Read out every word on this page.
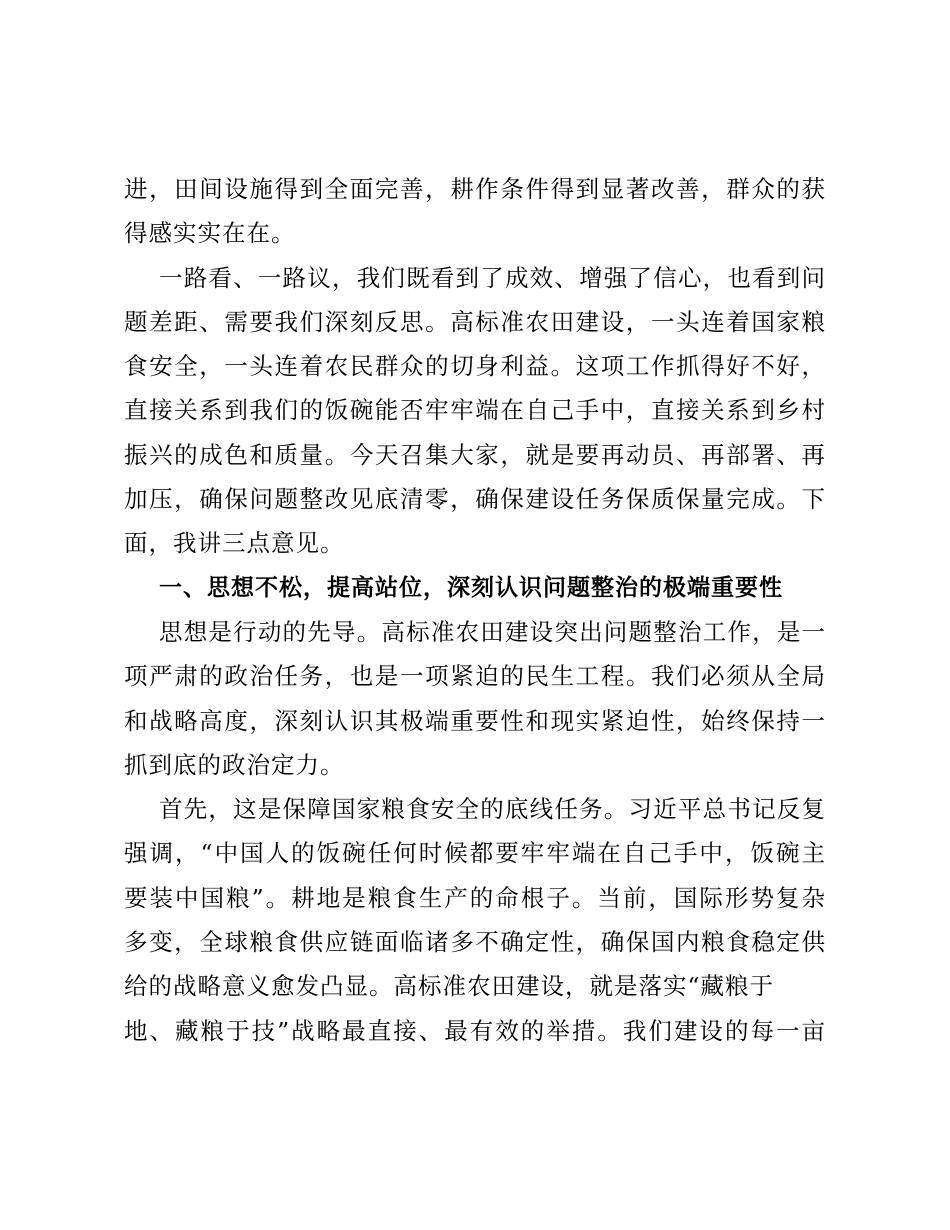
进，田间设施得到全面完善，耕作条件得到显著改善，群众的获
得感实实在在。
一路看、一路议，我们既看到了成效、增强了信心，也看到问
题差距、需要我们深刻反思。高标准农田建设，一头连着国家粮
食安全，一头连着农民群众的切身利益。这项工作抓得好不好，
直接关系到我们的饭碗能否牢牢端在自己手中，直接关系到乡村
振兴的成色和质量。今天召集大家，就是要再动员、再部署、再
加压，确保问题整改见底清零，确保建设任务保质保量完成。下
面，我讲三点意见。
一、思想不松，提高站位，深刻认识问题整治的极端重要性
思想是行动的先导。高标准农田建设突出问题整治工作，是一
项严肃的政治任务，也是一项紧迫的民生工程。我们必须从全局
和战略高度，深刻认识其极端重要性和现实紧迫性，始终保持一
抓到底的政治定力。
首先，这是保障国家粮食安全的底线任务。习近平总书记反复
强调，“中国人的饭碗任何时候都要牢牢端在自己手中，饭碗主
要装中国粮”。耕地是粮食生产的命根子。当前，国际形势复杂
多变，全球粮食供应链面临诸多不确定性，确保国内粮食稳定供
给的战略意义愈发凸显。高标准农田建设，就是落实“藏粮于
地、藏粮于技”战略最直接、最有效的举措。我们建设的每一亩
